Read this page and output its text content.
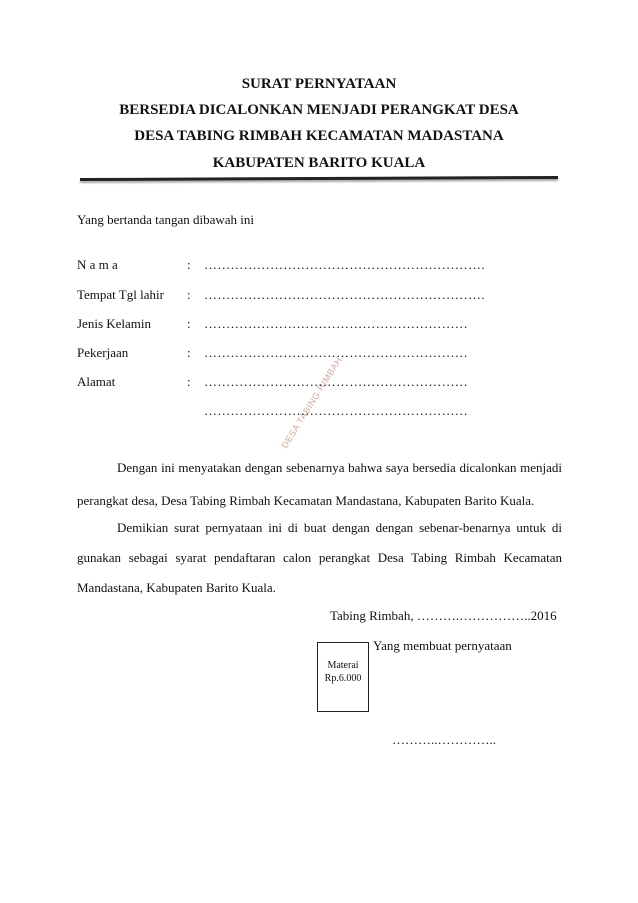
SURAT PERNYATAAN
BERSEDIA DICALONKAN MENJADI PERANGKAT DESA
DESA TABING RIMBAH KECAMATAN MADASTANA
KABUPATEN BARITO KUALA
DESA TABING RIMBAH
Yang bertanda tangan dibawah ini
N a m a	: ……………………………………………………….
Tempat Tgl lahir : ……………………………………………………….
Jenis Kelamin	: ……………………………………………………
Pekerjaan	: ……………………………………………………
Alamat	: ……………………………………………………
……………………………………………………
Dengan ini menyatakan dengan sebenarnya bahwa saya bersedia dicalonkan menjadi
perangkat desa, Desa Tabing Rimbah Kecamatan Mandastana, Kabupaten Barito Kuala.
Demikian surat pernyataan ini di buat dengan dengan sebenar-benarnya untuk di
gunakan sebagai syarat pendaftaran calon perangkat Desa Tabing Rimbah Kecamatan
Mandastana, Kabupaten Barito Kuala.
Tabing Rimbah, ……….……………..2016
Yang membuat pernyataan
Materai
Rp.6.000
………..…………..
